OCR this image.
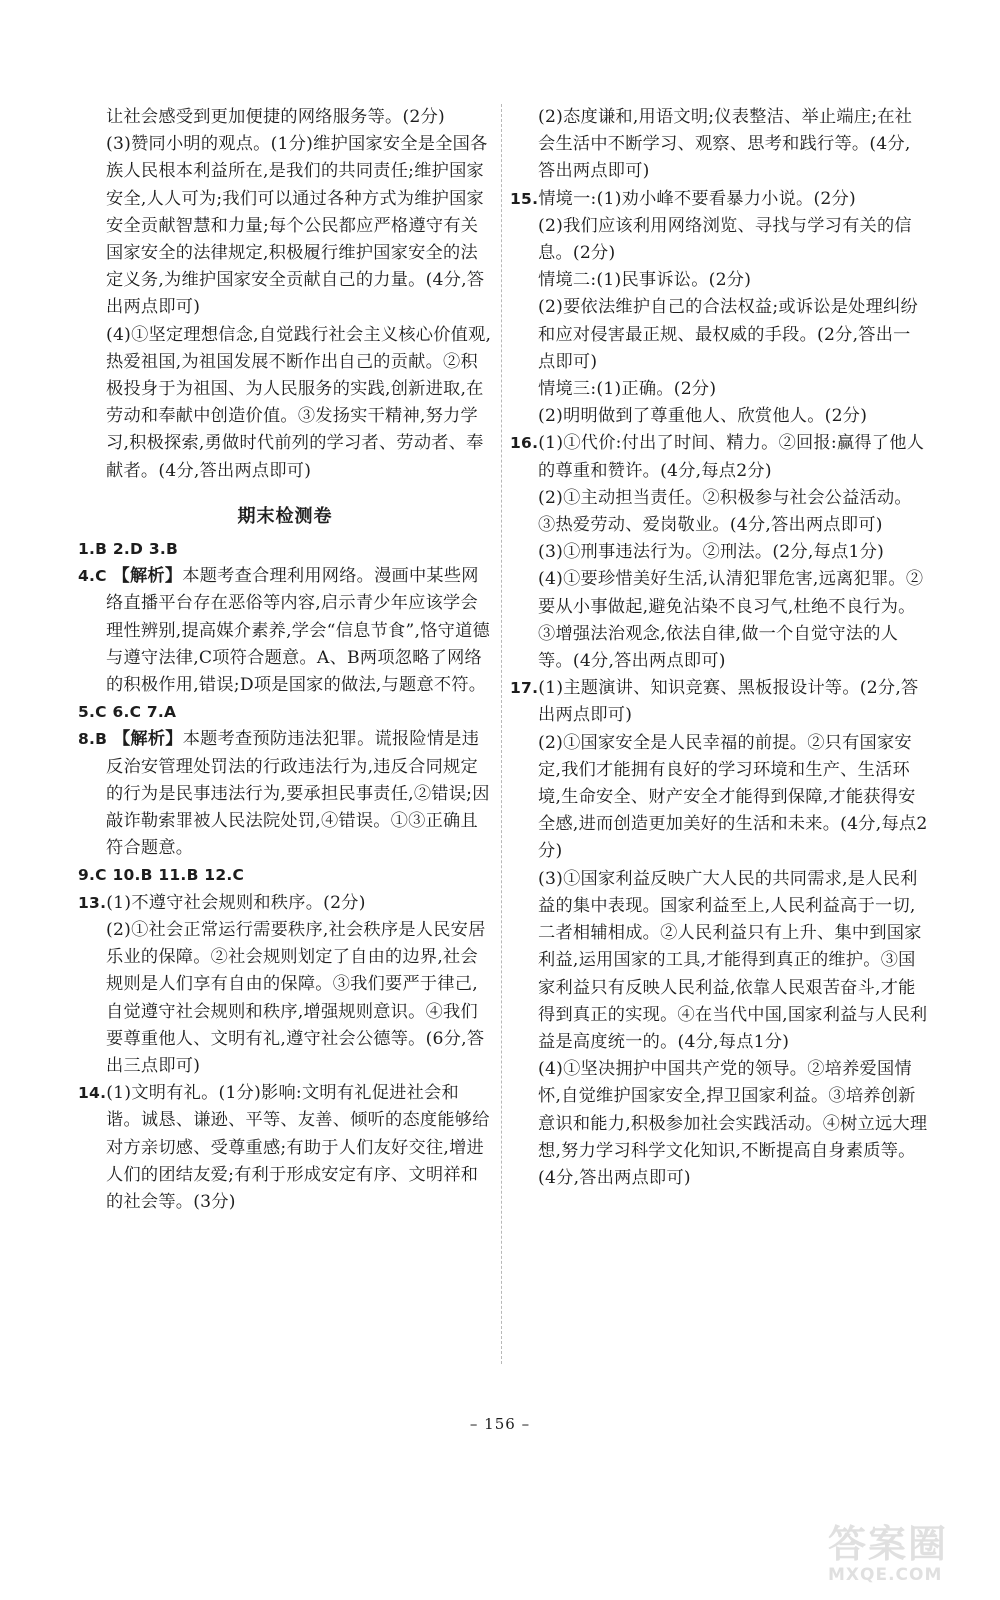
让社会感受到更加便捷的网络服务等。(2分)

(3)赞同小明的观点。(1分)维护国家安全是全国各族人民根本利益所在,是我们的共同责任;维护国家安全,人人可为;我们可以通过各种方式为维护国家安全贡献智慧和力量;每个公民都应严格遵守有关国家安全的法律规定,积极履行维护国家安全的法定义务,为维护国家安全贡献自己的力量。(4分,答出两点即可)

(4)①坚定理想信念,自觉践行社会主义核心价值观,热爱祖国,为祖国发展不断作出自己的贡献。②积极投身于为祖国、为人民服务的实践,创新进取,在劳动和奉献中创造价值。③发扬实干精神,努力学习,积极探索,勇做时代前列的学习者、劳动者、奉献者。(4分,答出两点即可)

期末检测卷

1.B 2.D 3.B

4.C 【解析】本题考查合理利用网络。漫画中某些网络直播平台存在恶俗等内容,启示青少年应该学会理性辨别,提高媒介素养,学会“信息节食”,恪守道德与遵守法律,C项符合题意。A、B两项忽略了网络的积极作用,错误;D项是国家的做法,与题意不符。

5.C 6.C 7.A

8.B 【解析】本题考查预防违法犯罪。谎报险情是违反治安管理处罚法的行政违法行为,违反合同规定的行为是民事违法行为,要承担民事责任,②错误;因敲诈勒索罪被人民法院处罚,④错误。①③正确且符合题意。

9.C 10.B 11.B 12.C

13.(1)不遵守社会规则和秩序。(2分)

(2)①社会正常运行需要秩序,社会秩序是人民安居乐业的保障。②社会规则划定了自由的边界,社会规则是人们享有自由的保障。③我们要严于律己,自觉遵守社会规则和秩序,增强规则意识。④我们要尊重他人、文明有礼,遵守社会公德等。(6分,答出三点即可)

14.(1)文明有礼。(1分)影响:文明有礼促进社会和谐。诚恳、谦逊、平等、友善、倾听的态度能够给对方亲切感、受尊重感;有助于人们友好交往,增进人们的团结友爱;有利于形成安定有序、文明祥和的社会等。(3分)

(2)态度谦和,用语文明;仪表整洁、举止端庄;在社会生活中不断学习、观察、思考和践行等。(4分,答出两点即可)

15.情境一:(1)劝小峰不要看暴力小说。(2分)

(2)我们应该利用网络浏览、寻找与学习有关的信息。(2分)

情境二:(1)民事诉讼。(2分)

(2)要依法维护自己的合法权益;或诉讼是处理纠纷和应对侵害最正规、最权威的手段。(2分,答出一点即可)

情境三:(1)正确。(2分)

(2)明明做到了尊重他人、欣赏他人。(2分)

16.(1)①代价:付出了时间、精力。②回报:赢得了他人的尊重和赞许。(4分,每点2分)

(2)①主动担当责任。②积极参与社会公益活动。③热爱劳动、爱岗敬业。(4分,答出两点即可)

(3)①刑事违法行为。②刑法。(2分,每点1分)

(4)①要珍惜美好生活,认清犯罪危害,远离犯罪。②要从小事做起,避免沾染不良习气,杜绝不良行为。③增强法治观念,依法自律,做一个自觉守法的人等。(4分,答出两点即可)

17.(1)主题演讲、知识竞赛、黑板报设计等。(2分,答出两点即可)

(2)①国家安全是人民幸福的前提。②只有国家安定,我们才能拥有良好的学习环境和生产、生活环境,生命安全、财产安全才能得到保障,才能获得安全感,进而创造更加美好的生活和未来。(4分,每点2分)

(3)①国家利益反映广大人民的共同需求,是人民利益的集中表现。国家利益至上,人民利益高于一切,二者相辅相成。②人民利益只有上升、集中到国家利益,运用国家的工具,才能得到真正的维护。③国家利益只有反映人民利益,依靠人民艰苦奋斗,才能得到真正的实现。④在当代中国,国家利益与人民利益是高度统一的。(4分,每点1分)

(4)①坚决拥护中国共产党的领导。②培养爱国情怀,自觉维护国家安全,捍卫国家利益。③培养创新意识和能力,积极参加社会实践活动。④树立远大理想,努力学习科学文化知识,不断提高自身素质等。(4分,答出两点即可)

– 156 –
答案圈
MXQE.COM
